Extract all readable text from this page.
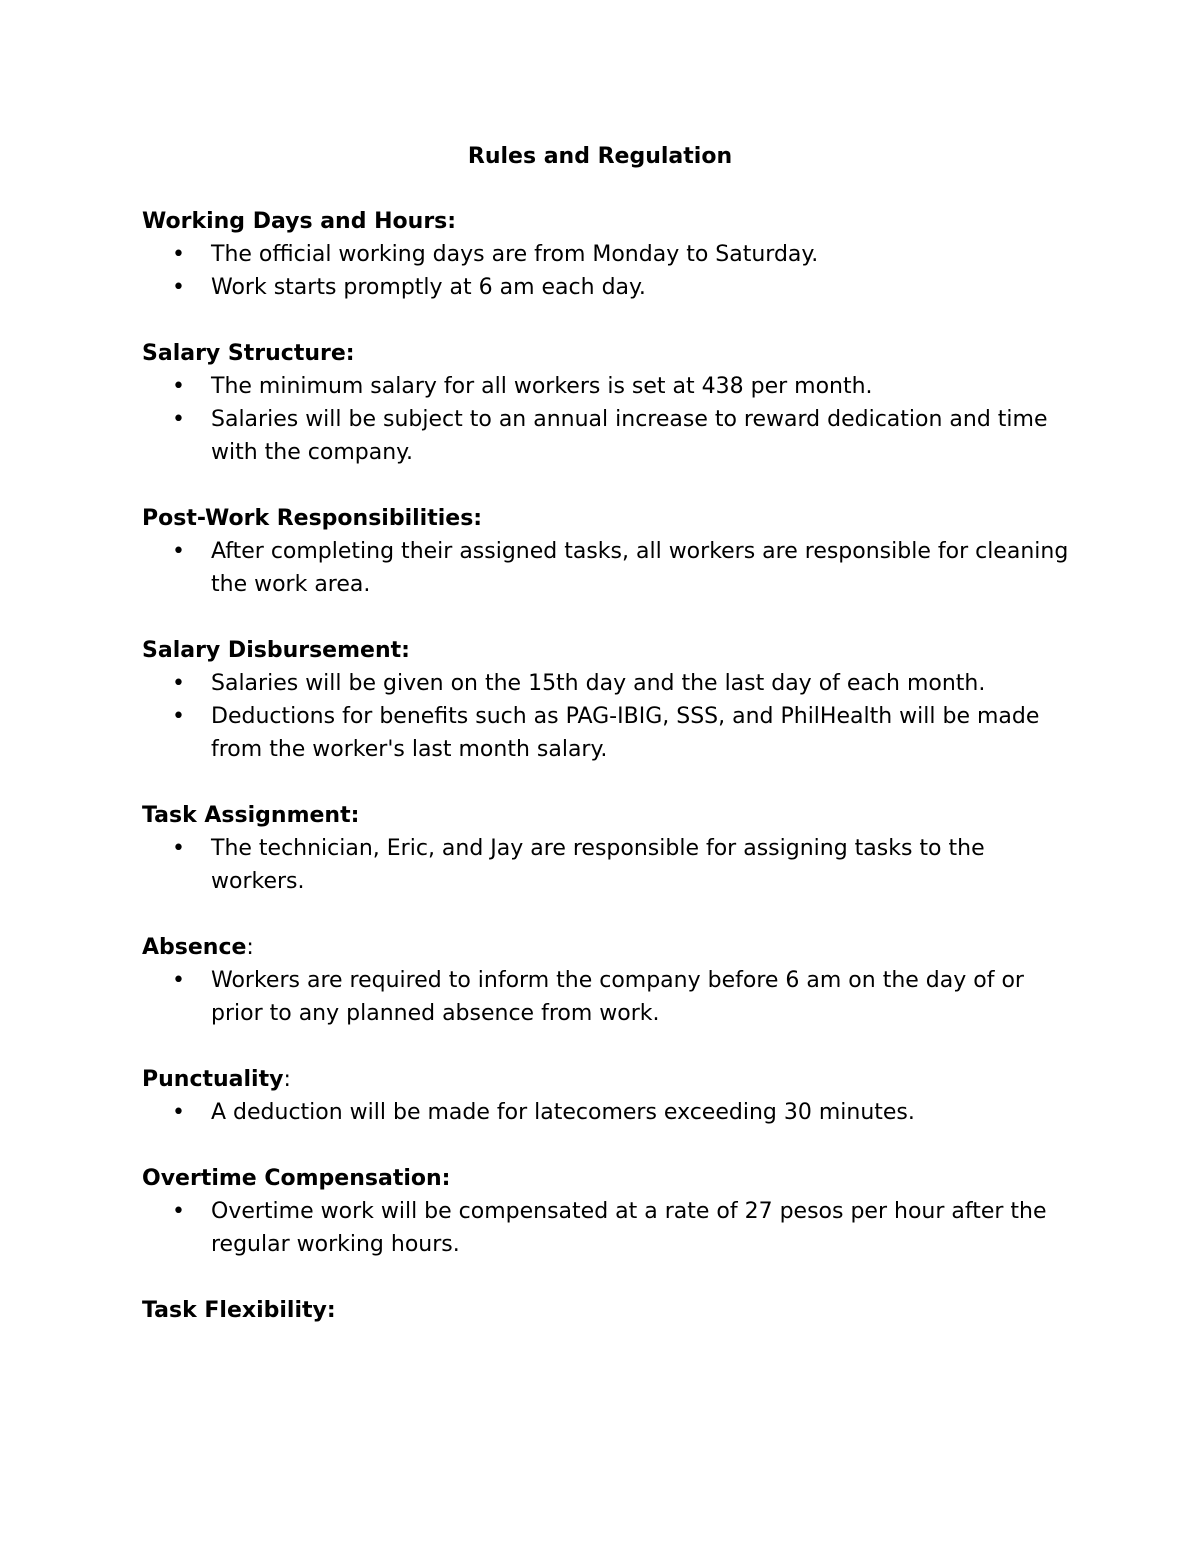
Rules and Regulation
Working Days and Hours:
• The official working days are from Monday to Saturday.
• Work starts promptly at 6 am each day.
Salary Structure:
• The minimum salary for all workers is set at 438 per month.
• Salaries will be subject to an annual increase to reward dedication and time with the company.
Post-Work Responsibilities:
• After completing their assigned tasks, all workers are responsible for cleaning the work area.
Salary Disbursement:
• Salaries will be given on the 15th day and the last day of each month.
• Deductions for benefits such as PAG-IBIG, SSS, and PhilHealth will be made from the worker's last month salary.
Task Assignment:
• The technician, Eric, and Jay are responsible for assigning tasks to the workers.
Absence:
• Workers are required to inform the company before 6 am on the day of or prior to any planned absence from work.
Punctuality:
• A deduction will be made for latecomers exceeding 30 minutes.
Overtime Compensation:
• Overtime work will be compensated at a rate of 27 pesos per hour after the regular working hours.
Task Flexibility:
